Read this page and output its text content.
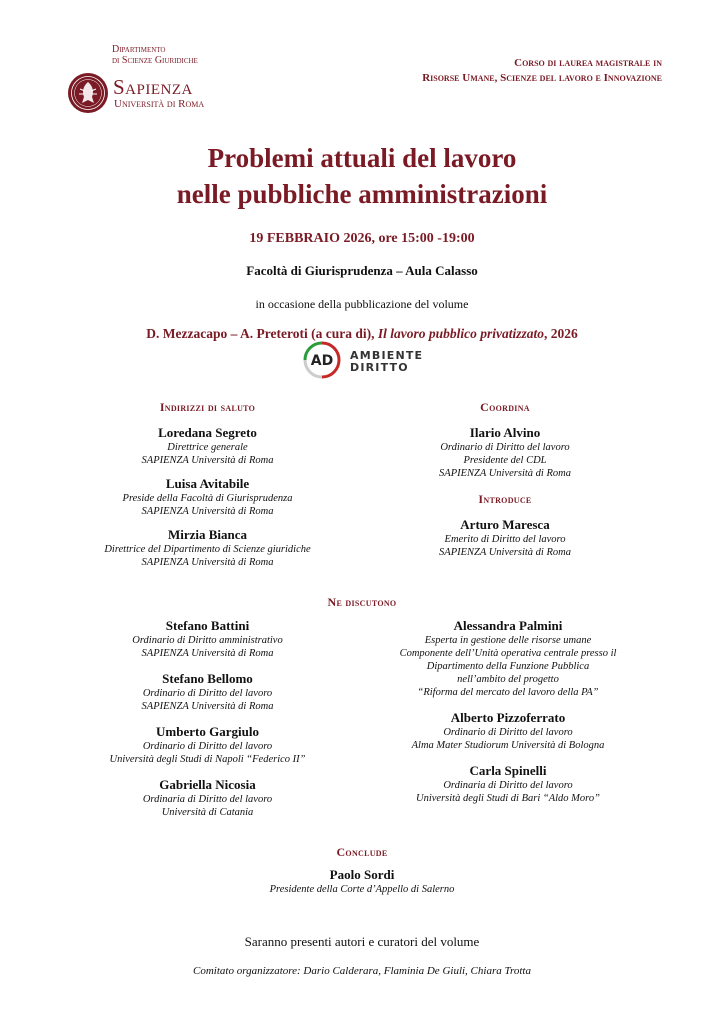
Dipartimento
di Scienze Giuridiche
Sapienza
Università di Roma
Corso di laurea magistrale in
Risorse Umane, Scienze del lavoro e Innovazione
Problemi attuali del lavoro
nelle pubbliche amministrazioni
19 FEBBRAIO 2026, ore 15:00 -19:00
Facoltà di Giurisprudenza – Aula Calasso
in occasione della pubblicazione del volume
D. Mezzacapo – A. Preteroti (a cura di), Il lavoro pubblico privatizzato, 2026
AD AMBIENTE
DIRITTO
Indirizzi di saluto
Loredana Segreto
Direttrice generale
SAPIENZA Università di Roma
Luisa Avitabile
Preside della Facoltà di Giurisprudenza
SAPIENZA Università di Roma
Mirzia Bianca
Direttrice del Dipartimento di Scienze giuridiche
SAPIENZA Università di Roma
Coordina
Ilario Alvino
Ordinario di Diritto del lavoro
Presidente del CDL
SAPIENZA Università di Roma
Introduce
Arturo Maresca
Emerito di Diritto del lavoro
SAPIENZA Università di Roma
Ne discutono
Stefano Battini
Ordinario di Diritto amministrativo
SAPIENZA Università di Roma
Stefano Bellomo
Ordinario di Diritto del lavoro
SAPIENZA Università di Roma
Umberto Gargiulo
Ordinario di Diritto del lavoro
Università degli Studi di Napoli “Federico II”
Gabriella Nicosia
Ordinaria di Diritto del lavoro
Università di Catania
Alessandra Palmini
Esperta in gestione delle risorse umane
Componente dell’Unità operativa centrale presso il
Dipartimento della Funzione Pubblica
nell’ambito del progetto
“Riforma del mercato del lavoro della PA”
Alberto Pizzoferrato
Ordinario di Diritto del lavoro
Alma Mater Studiorum Università di Bologna
Carla Spinelli
Ordinaria di Diritto del lavoro
Università degli Studi di Bari “Aldo Moro”
Conclude
Paolo Sordi
Presidente della Corte d’Appello di Salerno
Saranno presenti autori e curatori del volume
Comitato organizzatore: Dario Calderara, Flaminia De Giuli, Chiara Trotta
